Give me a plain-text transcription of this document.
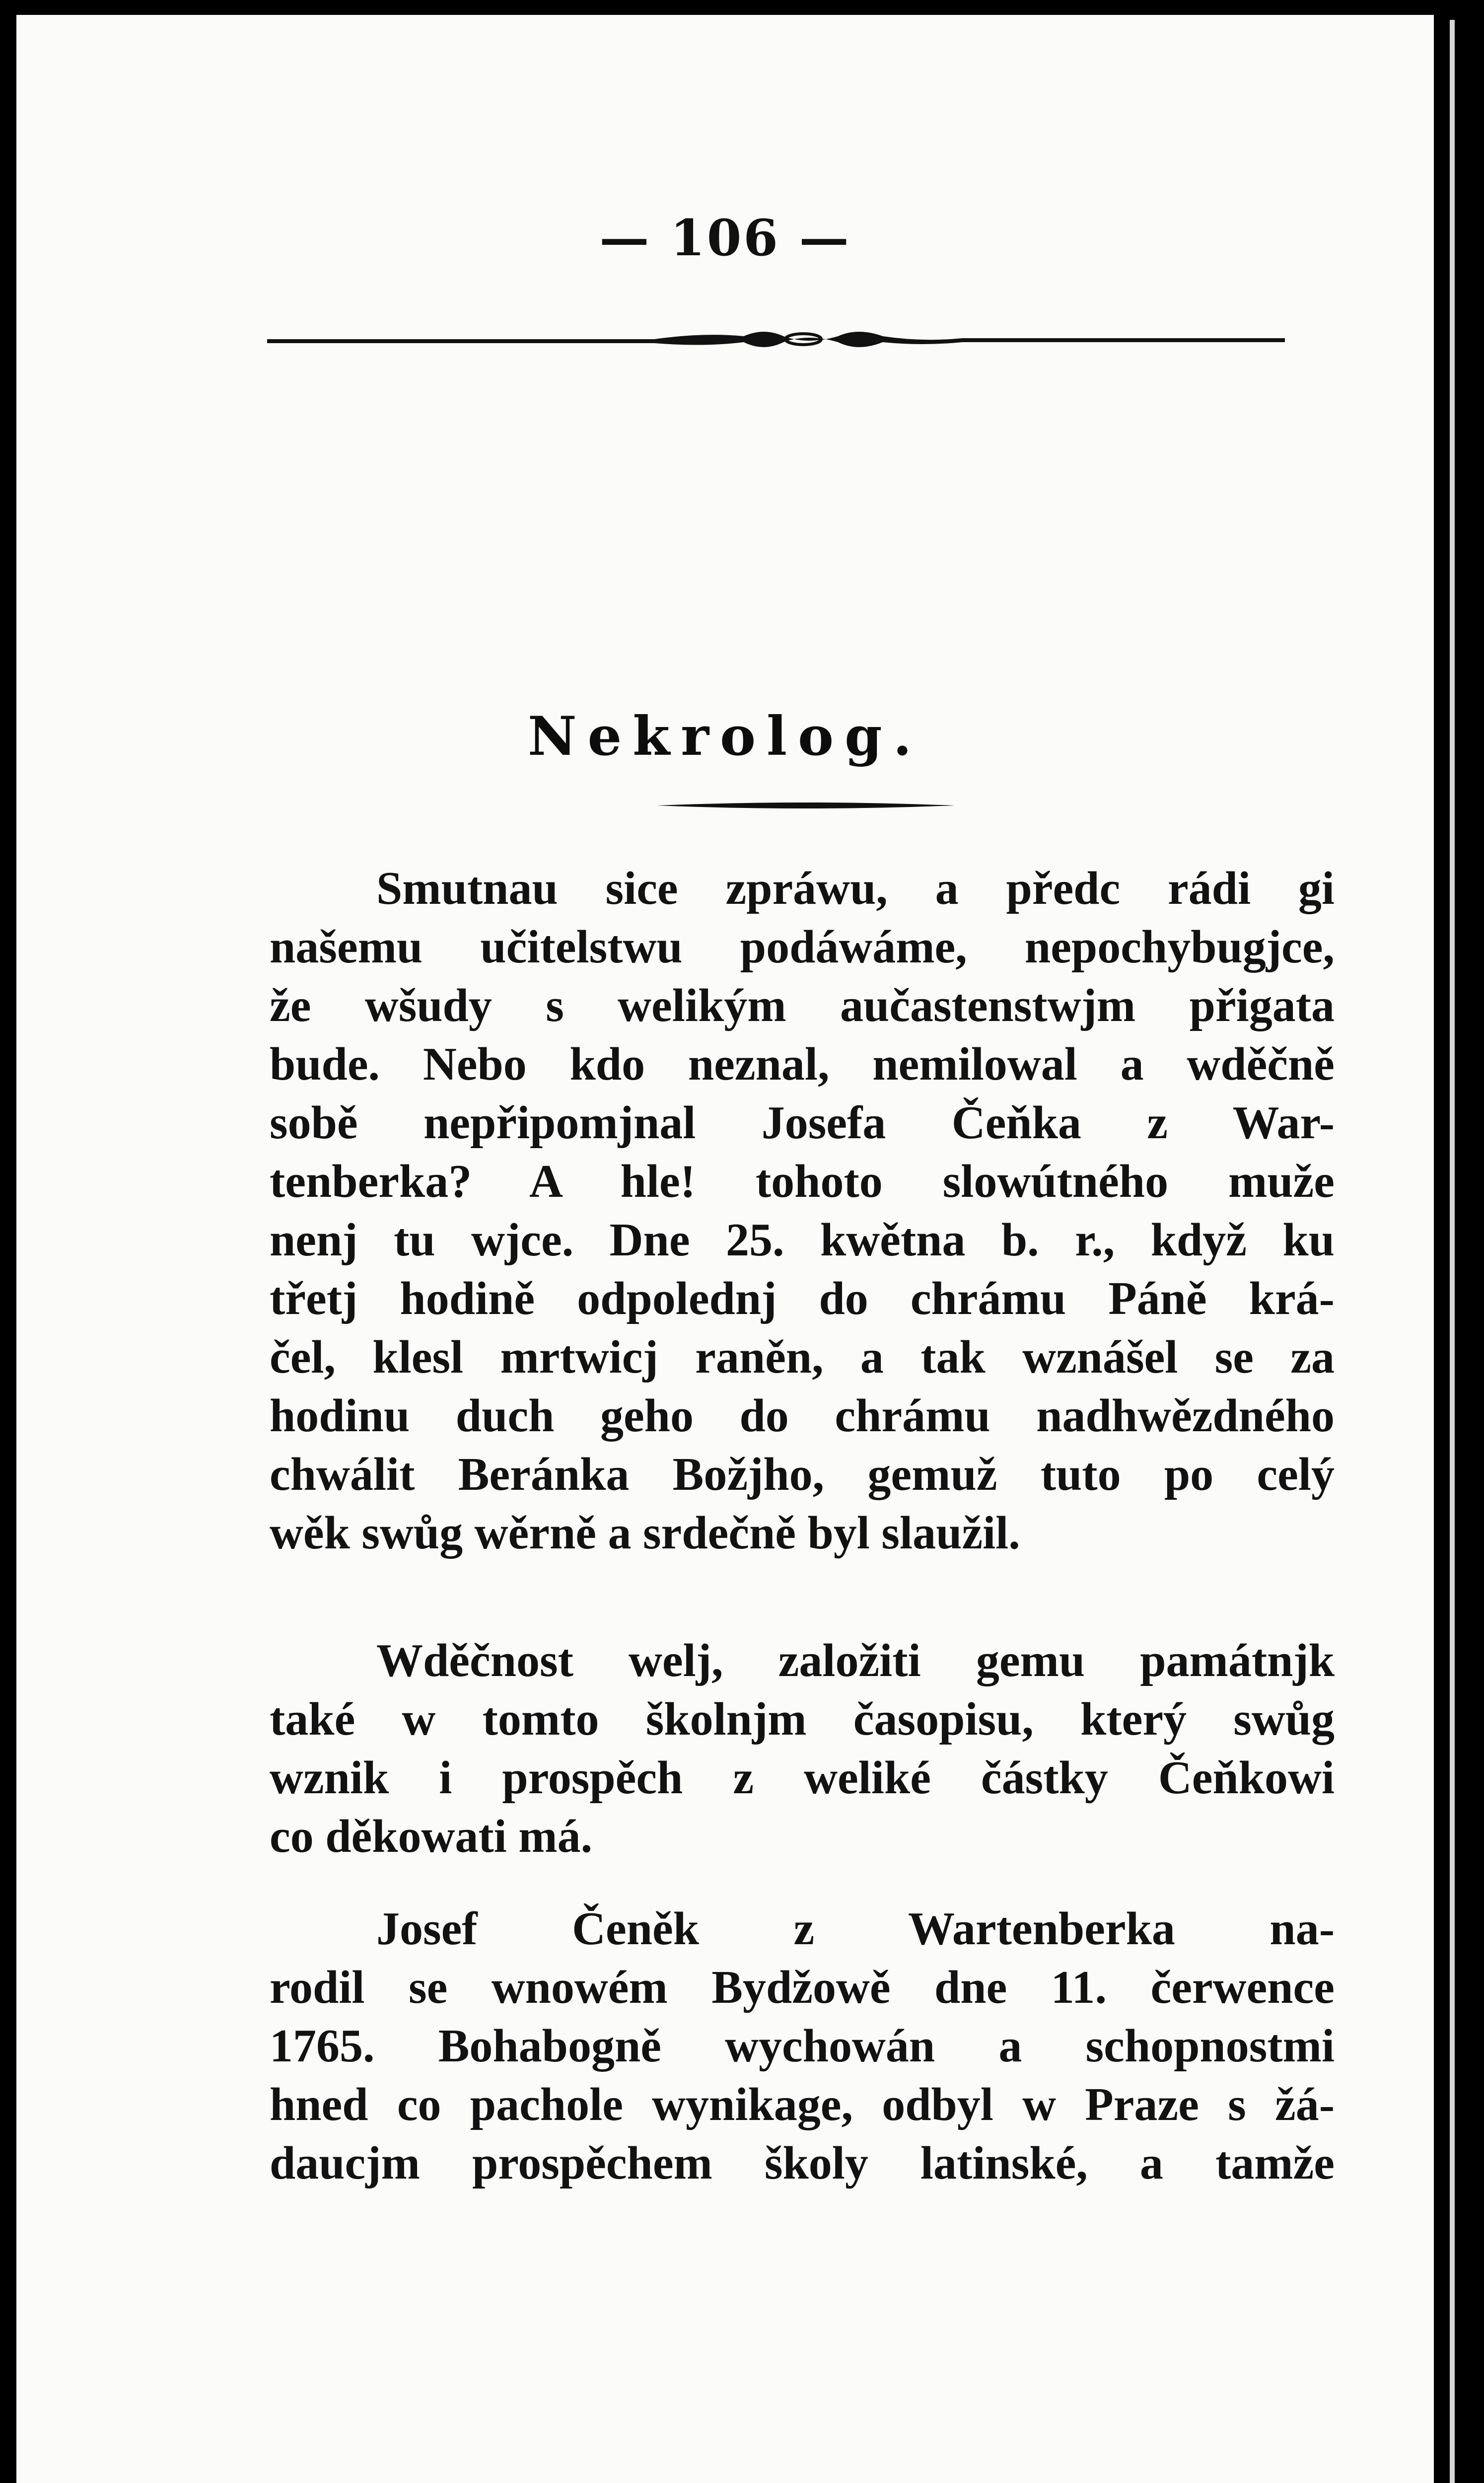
— 106 —
Nekrolog.
Smutnau sice zpráwu, a předc rádi gi
našemu učitelstwu podáwáme, nepochybugjce,
že wšudy s welikým aučastenstwjm přigata
bude. Nebo kdo neznal, nemilowal a wděčně
sobě nepřipomjnal Josefa Čeňka z War-
tenberka? A hle! tohoto slowútného muže
nenj tu wjce. Dne 25. kwětna b. r., když ku
třetj hodině odpolednj do chrámu Páně krá-
čel, klesl mrtwicj raněn, a tak wznášel se za
hodinu duch geho do chrámu nadhwězdného
chwálit Beránka Božjho, gemuž tuto po celý
wěk swůg wěrně a srdečně byl slaužil.
Wděčnost welj, založiti gemu památnjk
také w tomto školnjm časopisu, který swůg
wznik i prospěch z weliké částky Čeňkowi
co děkowati má.
Josef Čeněk z Wartenberka na-
rodil se wnowém Bydžowě dne 11. čerwence
1765. Bohabogně wychowán a schopnostmi
hned co pachole wynikage, odbyl w Praze s žá-
daucjm prospěchem školy latinské, a tamže
